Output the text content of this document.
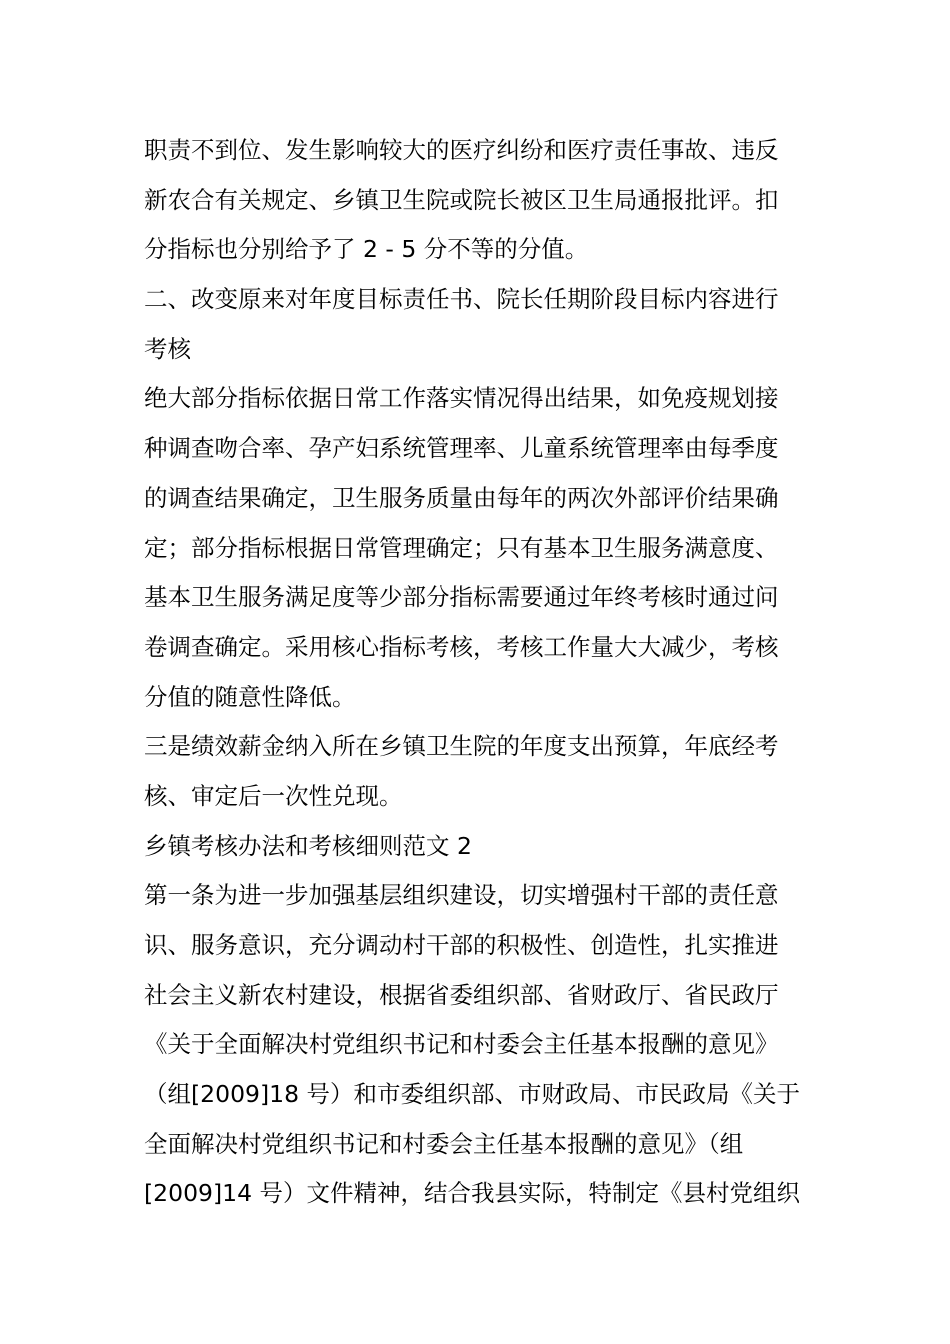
职责不到位、发生影响较大的医疗纠纷和医疗责任事故、违反
新农合有关规定、乡镇卫生院或院长被区卫生局通报批评。扣
分指标也分别给予了 2 - 5 分不等的分值。
二、改变原来对年度目标责任书、院长任期阶段目标内容进行
考核
绝大部分指标依据日常工作落实情况得出结果，如免疫规划接
种调查吻合率、孕产妇系统管理率、儿童系统管理率由每季度
的调查结果确定，卫生服务质量由每年的两次外部评价结果确
定；部分指标根据日常管理确定；只有基本卫生服务满意度、
基本卫生服务满足度等少部分指标需要通过年终考核时通过问
卷调查确定。采用核心指标考核，考核工作量大大减少，考核
分值的随意性降低。
三是绩效薪金纳入所在乡镇卫生院的年度支出预算，年底经考
核、审定后一次性兑现。
乡镇考核办法和考核细则范文 2
第一条为进一步加强基层组织建设，切实增强村干部的责任意
识、服务意识，充分调动村干部的积极性、创造性，扎实推进
社会主义新农村建设，根据省委组织部、省财政厅、省民政厅
《关于全面解决村党组织书记和村委会主任基本报酬的意见》
（组[2009]18 号）和市委组织部、市财政局、市民政局《关于
全面解决村党组织书记和村委会主任基本报酬的意见》（组
[2009]14 号）文件精神，结合我县实际，特制定《县村党组织
